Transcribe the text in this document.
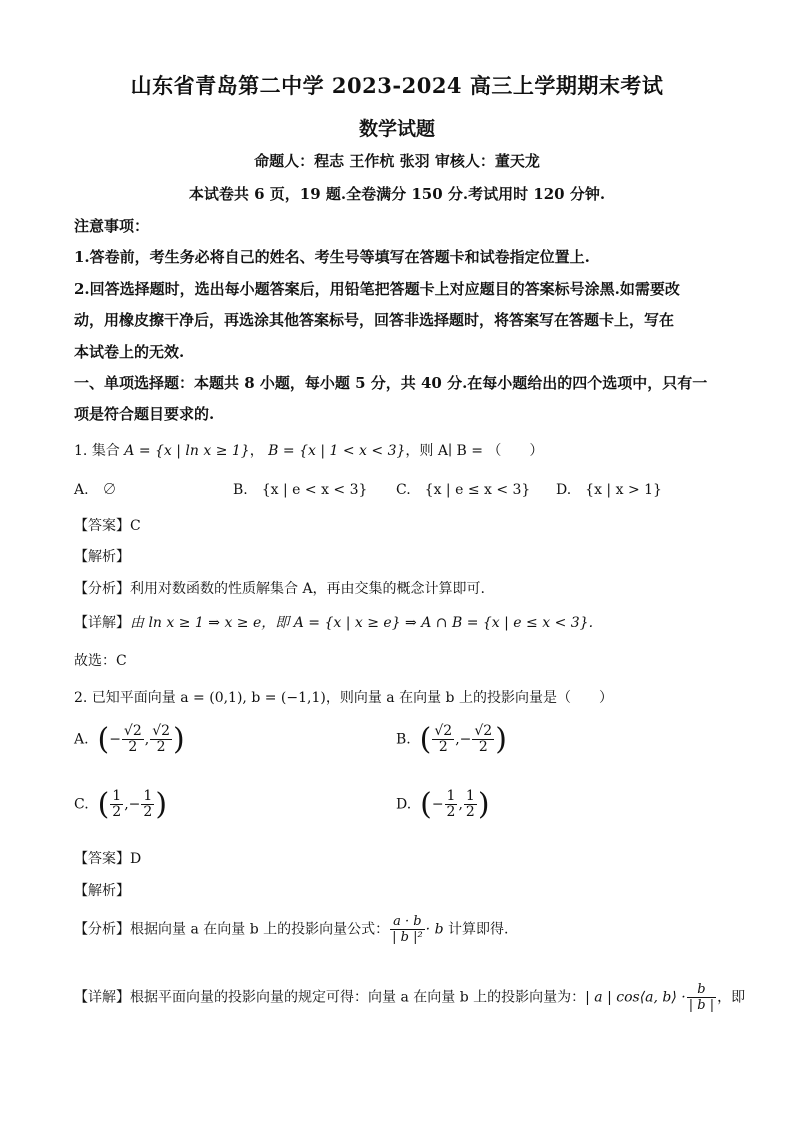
山东省青岛第二中学 2023-2024 高三上学期期末考试
数学试题
命题人：程志 王作杭 张羽 审核人：董天龙
本试卷共 6 页，19 题.全卷满分 150 分.考试用时 120 分钟.
注意事项：
1.答卷前，考生务必将自己的姓名、考生号等填写在答题卡和试卷指定位置上.
2.回答选择题时，选出每小题答案后，用铅笔把答题卡上对应题目的答案标号涂黑.如需要改
动，用橡皮擦干净后，再选涂其他答案标号，回答非选择题时，将答案写在答题卡上，写在
本试卷上的无效.
一、单项选择题：本题共 8 小题，每小题 5 分，共 40 分.在每小题给出的四个选项中，只有一
项是符合题目要求的.
1. 集合 A = {x | ln x ≥ 1}， B = {x | 1 < x < 3}，则 A∣ B = （　　）
A.　∅	B.　{x | e < x < 3} C.　{x | e ≤ x < 3} D.　{x | x > 1}
【答案】C
【解析】
【分析】利用对数函数的性质解集合 A，再由交集的概念计算即可.
【详解】由 ln x ≥ 1 ⇒ x ≥ e，即 A = {x | x ≥ e} ⇒ A ∩ B = {x | e ≤ x < 3}.
故选：C
2. 已知平面向量 a = (0,1), b = (−1,1)，则向量 a 在向量 b 上的投影向量是（　　）
A. (− $\frac{√2}{2}$ , $\frac{√2}{2}$ )	B. ( $\frac{√2}{2}$ ,− $\frac{√2}{2}$ )
C. ( $\frac{1}{2}$ ,− $\frac{1}{2}$ )	D. (− $\frac{1}{2}$ , $\frac{1}{2}$ )
【答案】D
【解析】
【分析】根据向量 a 在向量 b 上的投影向量公式： $\frac{a \cdot b}{\text{| b |²}} \cdot b$ 计算即得.
【详解】根据平面向量的投影向量的规定可得：向量 a 在向量 b 上的投影向量为：| a | cos⟨a, b⟩ · $\frac{b}{| b |}$ ，即
